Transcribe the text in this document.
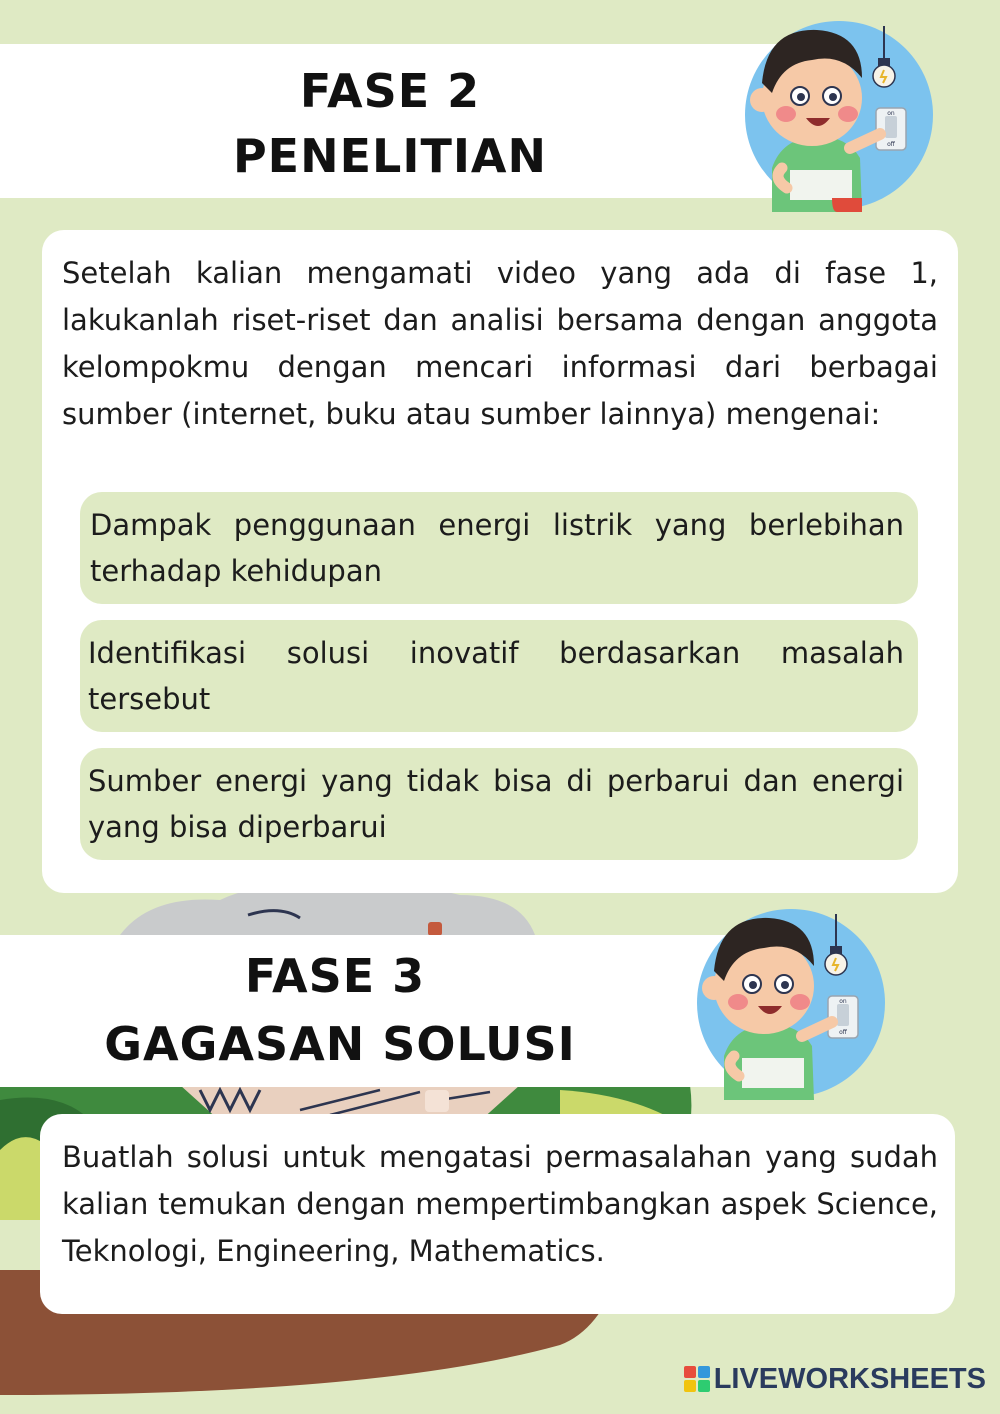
FASE 2
PENELITIAN
on
off
Setelah kalian mengamati video yang ada di fase 1, lakukanlah riset-riset dan analisi bersama dengan anggota kelompokmu dengan mencari informasi dari berbagai sumber (internet, buku atau sumber lainnya) mengenai:
Dampak penggunaan energi listrik yang berlebihan terhadap kehidupan
Identifikasi solusi inovatif berdasarkan masalah tersebut
Sumber energi yang tidak bisa di perbarui dan energi yang bisa diperbarui
FASE 3
GAGASAN SOLUSI
on
off
Buatlah solusi untuk mengatasi permasalahan yang sudah kalian temukan dengan mempertimbangkan aspek Science, Teknologi, Engineering, Mathematics.
LIVEWORKSHEETS
